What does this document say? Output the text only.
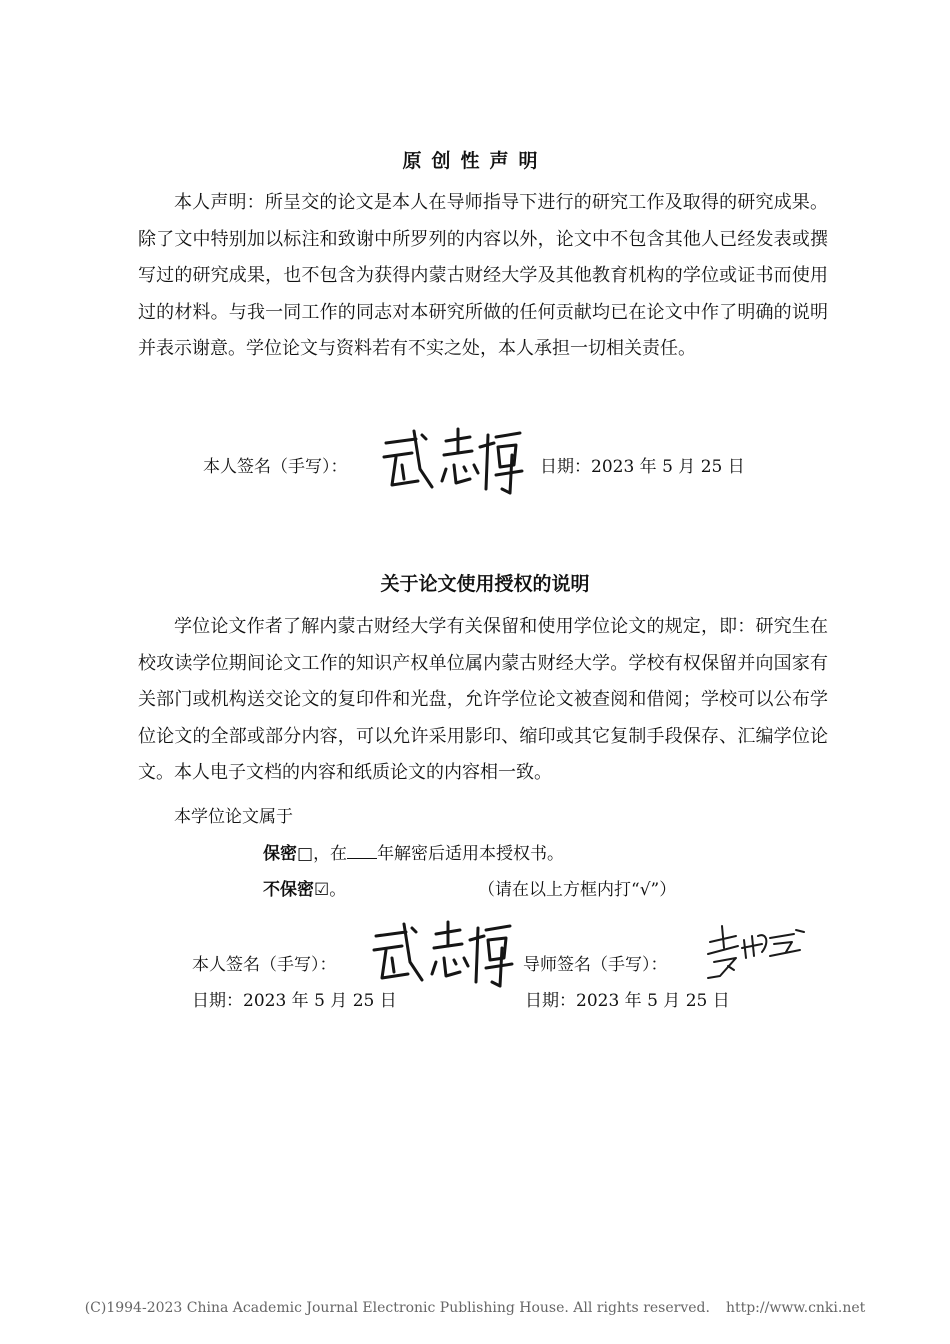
原创性声明

本人声明：所呈交的论文是本人在导师指导下进行的研究工作及取得的研究成果。除了文中特别加以标注和致谢中所罗列的内容以外，论文中不包含其他人已经发表或撰写过的研究成果，也不包含为获得内蒙古财经大学及其他教育机构的学位或证书而使用过的材料。与我一同工作的同志对本研究所做的任何贡献均已在论文中作了明确的说明并表示谢意。学位论文与资料若有不实之处，本人承担一切相关责任。

本人签名（手写）：	日期：2023 年 5 月 25 日
关于论文使用授权的说明

学位论文作者了解内蒙古财经大学有关保留和使用学位论文的规定，即：研究生在校攻读学位期间论文工作的知识产权单位属内蒙古财经大学。学校有权保留并向国家有关部门或机构送交论文的复印件和光盘，允许学位论文被查阅和借阅；学校可以公布学位论文的全部或部分内容，可以允许采用影印、缩印或其它复制手段保存、汇编学位论文。本人电子文档的内容和纸质论文的内容相一致。

本学位论文属于
保密□，在 年解密后适用本授权书。
不保密☑。	（请在以上方框内打“√”）
本人签名（手写）：	导师签名（手写）：
日期：2023 年 5 月 25 日	日期：2023 年 5 月 25 日
(C)1994-2023 China Academic Journal Electronic Publishing House. All rights reserved. http://www.cnki.net
